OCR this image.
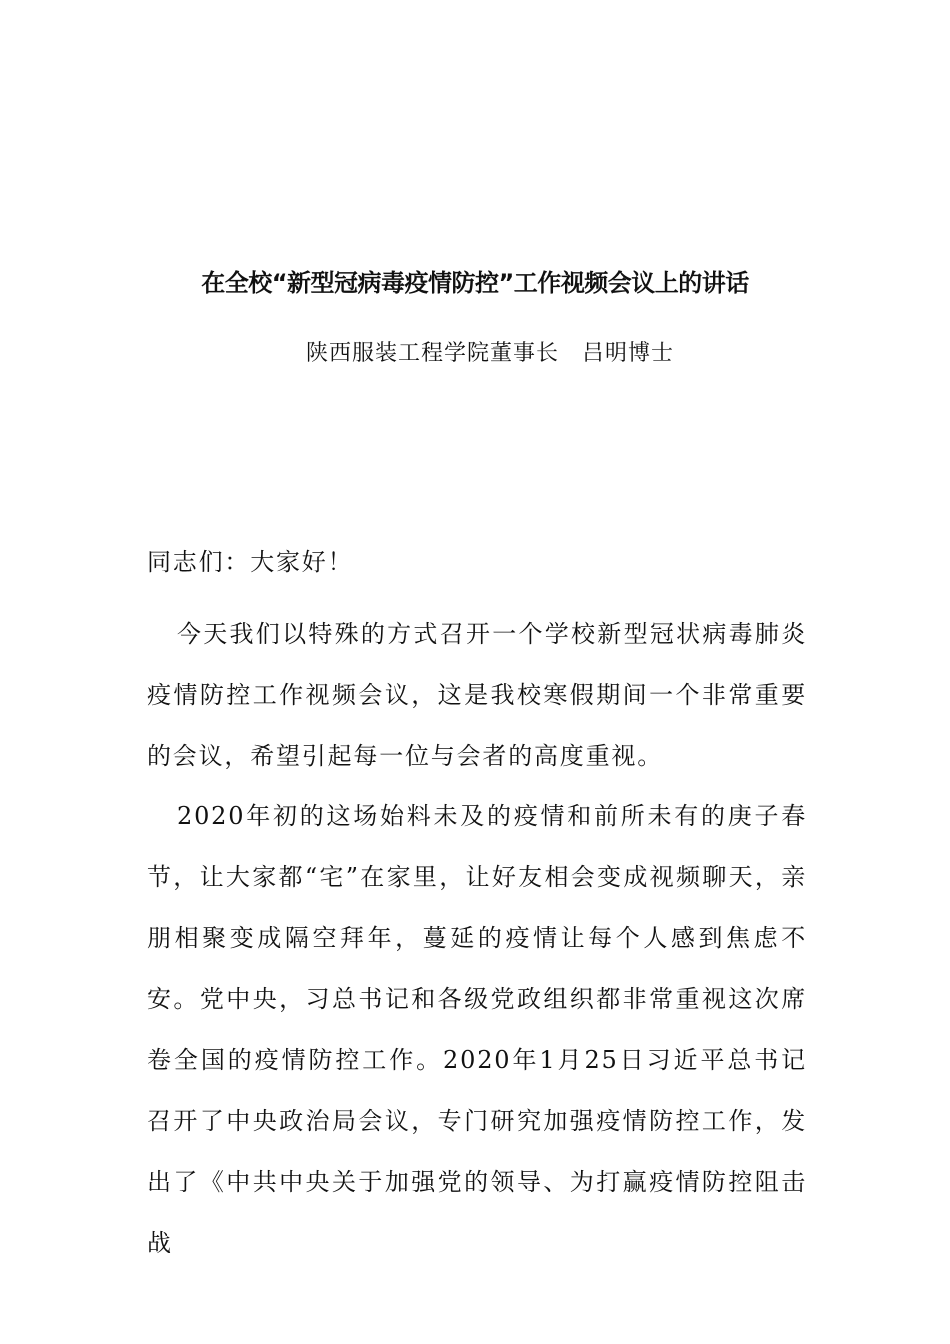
在全校“新型冠病毒疫情防控”工作视频会议上的讲话
陕西服装工程学院董事长　吕明博士
同志们：大家好！
今天我们以特殊的方式召开一个学校新型冠状病毒肺炎疫情防控工作视频会议，这是我校寒假期间一个非常重要的会议，希望引起每一位与会者的高度重视。
2020年初的这场始料未及的疫情和前所未有的庚子春节，让大家都“宅”在家里，让好友相会变成视频聊天，亲朋相聚变成隔空拜年，蔓延的疫情让每个人感到焦虑不安。党中央，习总书记和各级党政组织都非常重视这次席卷全国的疫情防控工作。2020年1月25日习近平总书记召开了中央政治局会议，专门研究加强疫情防控工作，发出了《中共中央关于加强党的领导、为打赢疫情防控阻击战
